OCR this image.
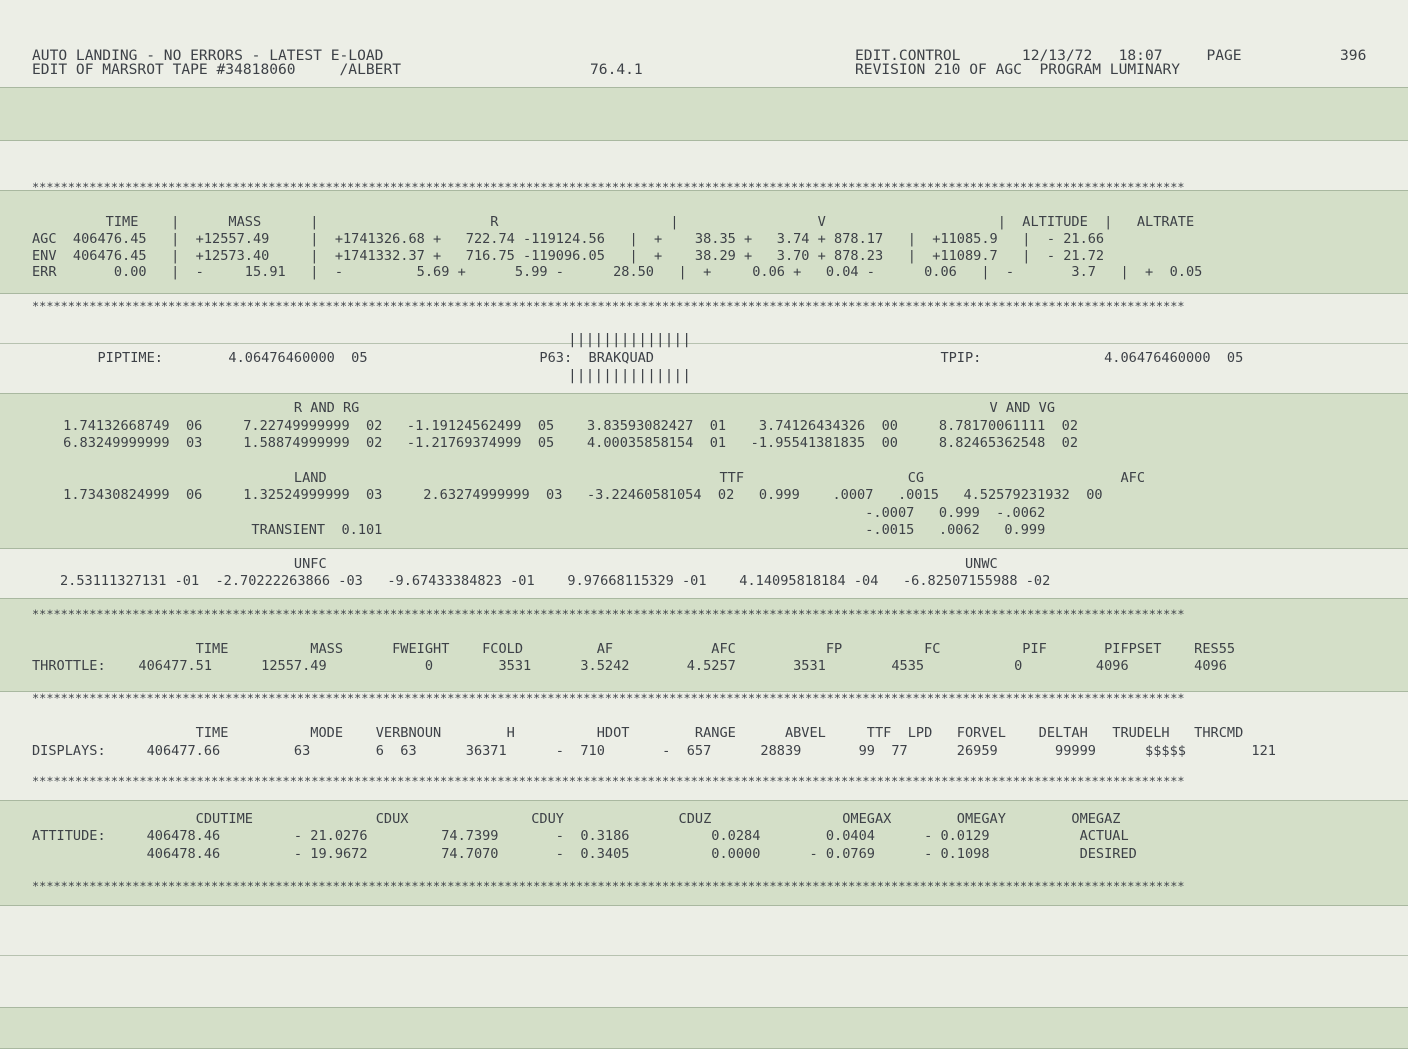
AUTO LANDING - NO ERRORS - LATEST E-LOAD
EDIT OF MARSROT TAPE #34818060     /ALBERT	76.4.1
EDIT.CONTROL       12/13/72   18:07     PAGE	396
REVISION 210 OF AGC  PROGRAM LUMINARY
*****************************************************************************************************************************************************************
*****************************************************************************************************************************************************************
*****************************************************************************************************************************************************************
*****************************************************************************************************************************************************************
*****************************************************************************************************************************************************************
*****************************************************************************************************************************************************************
TIME    |      MASS      |                     R                     |                 V                     |  ALTITUDE  |   ALTRATE
AGC  406476.45   |  +12557.49     |  +1741326.68 +   722.74 -119124.56   |  +    38.35 +   3.74 + 878.17   |  +11085.9   |  - 21.66
ENV  406476.45   |  +12573.40     |  +1741332.37 +   716.75 -119096.05   |  +    38.29 +   3.70 + 878.23   |  +11089.7   |  - 21.72
ERR       0.00   |  -     15.91   |  -         5.69 +      5.99 -      28.50   |  +     0.06 +   0.04 -      0.06   |  -       3.7   |  +  0.05
||||||||||||||
PIPTIME:        4.06476460000  05                     P63:  BRAKQUAD                                   TPIP:               4.06476460000  05
||||||||||||||
R AND RG                                                                             V AND VG
1.74132668749  06     7.22749999999  02   -1.19124562499  05    3.83593082427  01    3.74126434326  00     8.78170061111  02
6.83249999999  03     1.58874999999  02   -1.21769374999  05    4.00035858154  01   -1.95541381835  00     8.82465362548  02
LAND                                                TTF                    CG                        AFC
1.73430824999  06     1.32524999999  03     2.63274999999  03   -3.22460581054  02   0.999    .0007   .0015   4.52579231932  00
-.0007   0.999  -.0062
TRANSIENT  0.101                                                           -.0015   .0062   0.999
UNFC                                                                              UNWC
2.53111327131 -01  -2.70222263866 -03   -9.67433384823 -01    9.97668115329 -01    4.14095818184 -04   -6.82507155988 -02
TIME          MASS      FWEIGHT    FCOLD         AF            AFC           FP          FC          PIF       PIFPSET    RES55
THROTTLE:    406477.51      12557.49            0        3531      3.5242       4.5257       3531        4535           0         4096        4096
TIME          MODE    VERBNOUN        H          HDOT        RANGE      ABVEL     TTF  LPD   FORVEL    DELTAH   TRUDELH   THRCMD
DISPLAYS:     406477.66         63        6  63      36371      -  710       -  657      28839       99  77      26959       99999      $$$$$        121
CDUTIME               CDUX               CDUY              CDUZ                OMEGAX        OMEGAY        OMEGAZ
ATTITUDE:     406478.46         - 21.0276         74.7399       -  0.3186          0.0284        0.0404      - 0.0129           ACTUAL
406478.46         - 19.9672         74.7070       -  0.3405          0.0000      - 0.0769      - 0.1098           DESIRED
